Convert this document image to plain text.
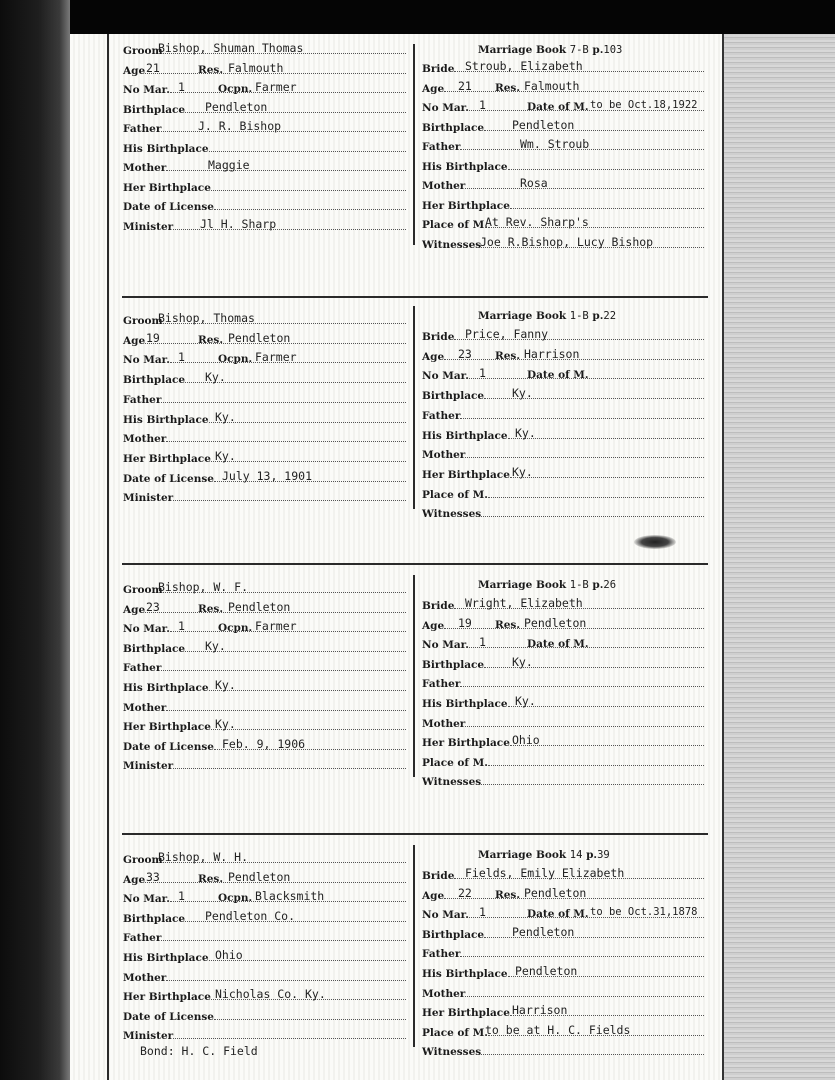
Marriage Book 7-B p.103
Groom
Bishop, Shuman Thomas
Age 21	Res. Falmouth
No Mar. 1	Ocpn. Farmer
Birthplace	Pendleton
Father	J. R. Bishop
His Birthplace
Mother	Maggie
Her Birthplace
Date of License
Minister	Jl H. Sharp
Bride Stroub, Elizabeth
Age	21 Res. Falmouth
No Mar. 1	Date of M. to be Oct.18,1922
Birthplace	Pendleton
Father	Wm. Stroub
His Birthplace
Mother	Rosa
Her Birthplace
Place of M.
At Rev. Sharp's
Witnesses
Joe R.Bishop, Lucy Bishop
Marriage Book 1-B p.22
Groom
Bishop, Thomas
Age 19	Res. Pendleton
No Mar. 1	Ocpn. Farmer
Birthplace	Ky.
Father
His Birthplace Ky.
Mother
Her Birthplace Ky.
Date of License July 13, 1901
Minister
Bride Price, Fanny
Age	23 Res. Harrison
No Mar. 1	Date of M.
Birthplace	Ky.
Father
His Birthplace Ky.
Mother
Her Birthplace Ky.
Place of M.
Witnesses
Marriage Book 1-B p.26
Groom
Bishop, W. F.
Age 23	Res. Pendleton
No Mar. 1	Ocpn. Farmer
Birthplace	Ky.
Father
His Birthplace Ky.
Mother
Her Birthplace Ky.
Date of License Feb. 9, 1906
Minister
Bride Wright, Elizabeth
Age	19 Res. Pendleton
No Mar. 1	Date of M.
Birthplace	Ky.
Father
His Birthplace Ky.
Mother
Her Birthplace Ohio
Place of M.
Witnesses
Marriage Book 14 p.39
Groom
Bishop, W. H.
Age 33	Res. Pendleton
No Mar. 1	Ocpn. Blacksmith
Birthplace	Pendleton Co.
Father
His Birthplace Ohio
Mother
Her Birthplace Nicholas Co. Ky.
Date of License
Minister
Bond: H. C. Field
Bride Fields, Emily Elizabeth
Age	22 Res. Pendleton
No Mar. 1	Date of M. to be Oct.31,1878
Birthplace	Pendleton
Father
His Birthplace Pendleton
Mother
Her Birthplace Harrison
Place of M.
to be at H. C. Fields
Witnesses
